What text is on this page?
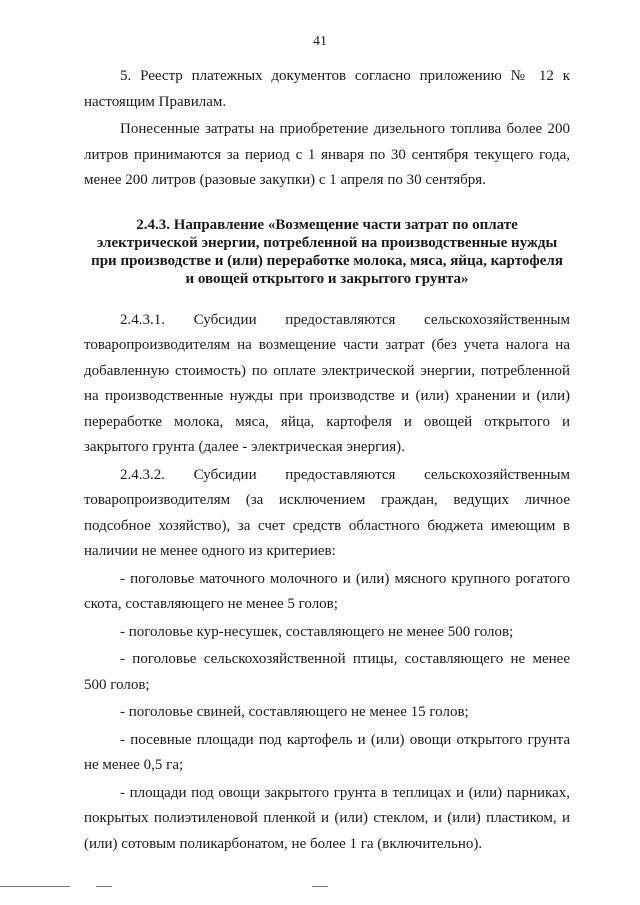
41

5. Реестр платежных документов согласно приложению № 12 к настоящим Правилам.

Понесенные затраты на приобретение дизельного топлива более 200 литров принимаются за период с 1 января по 30 сентября текущего года, менее 200 литров (разовые закупки) с 1 апреля по 30 сентября.

2.4.3. Направление «Возмещение части затрат по оплате электрической энергии, потребленной на производственные нужды при производстве и (или) переработке молока, мяса, яйца, картофеля и овощей открытого и закрытого грунта»

2.4.3.1. Субсидии предоставляются сельскохозяйственным

товаропроизводителям на возмещение части затрат (без учета налога на добавленную стоимость) по оплате электрической энергии, потребленной на производственные нужды при производстве и (или) хранении и (или) переработке молока, мяса, яйца, картофеля и овощей открытого и закрытого грунта (далее - электрическая энергия).

2.4.3.2. Субсидии предоставляются сельскохозяйственным

товаропроизводителям (за исключением граждан, ведущих личное подсобное хозяйство), за счет средств областного бюджета имеющим в наличии не менее одного из критериев:

- поголовье маточного молочного и (или) мясного крупного рогатого скота, составляющего не менее 5 голов;

- поголовье кур-несушек, составляющего не менее 500 голов;

- поголовье сельскохозяйственной птицы, составляющего не менее 500 голов;

- поголовье свиней, составляющего не менее 15 голов;

- посевные площади под картофель и (или) овощи открытого грунта не менее 0,5 га;

- площади под овощи закрытого грунта в теплицах и (или) парниках, покрытых полиэтиленовой пленкой и (или) стеклом, и (или) пластиком, и (или) сотовым поликарбонатом, не более 1 га (включительно).
